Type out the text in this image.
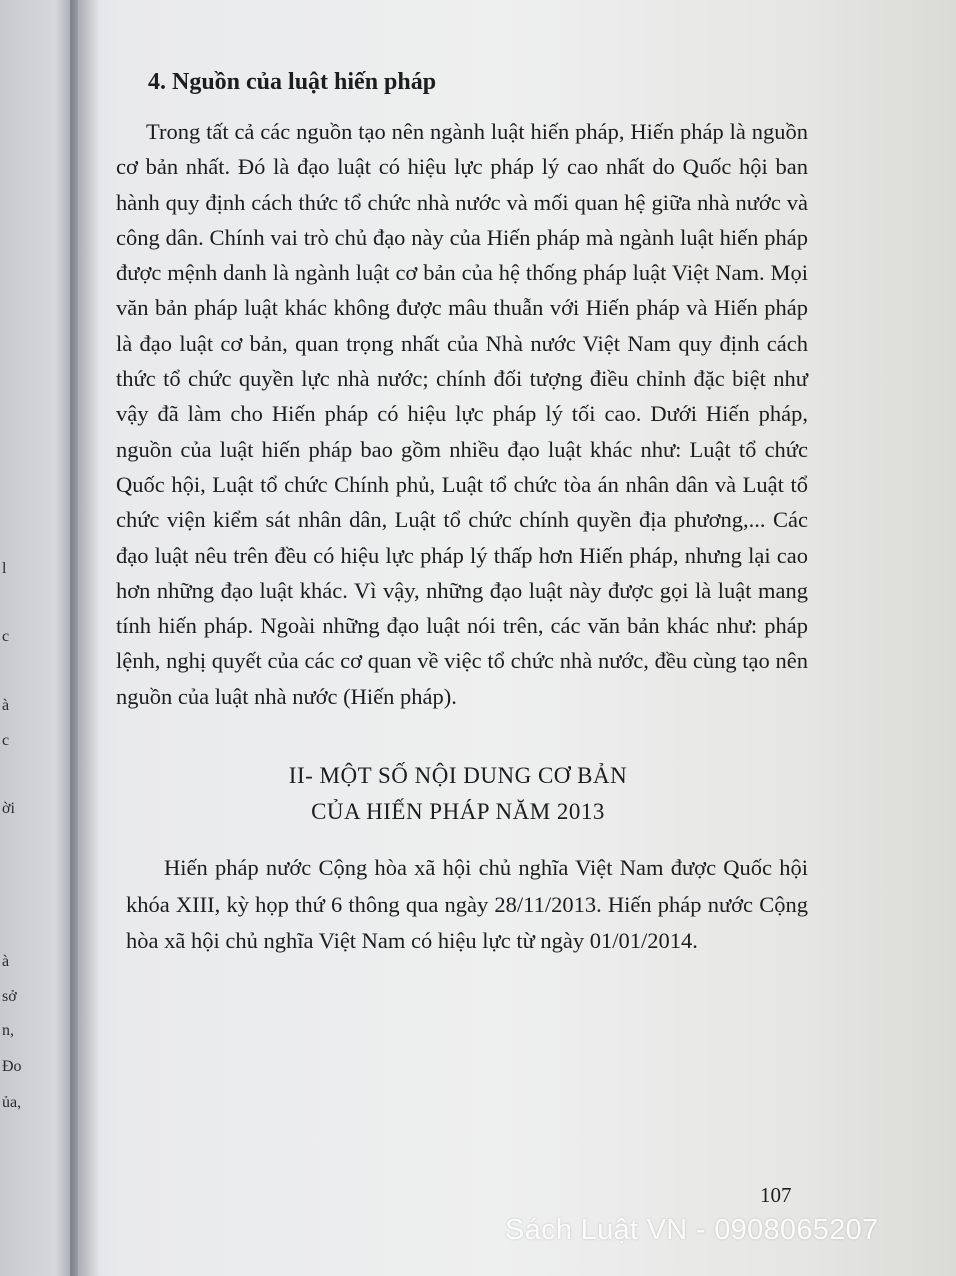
l
c
à
c
ời
à
sở
n,
Đo
ủa,
4. Nguồn của luật hiến pháp

Trong tất cả các nguồn tạo nên ngành luật hiến pháp, Hiến pháp là nguồn cơ bản nhất. Đó là đạo luật có hiệu lực pháp lý cao nhất do Quốc hội ban hành quy định cách thức tổ chức nhà nước và mối quan hệ giữa nhà nước và công dân. Chính vai trò chủ đạo này của Hiến pháp mà ngành luật hiến pháp được mệnh danh là ngành luật cơ bản của hệ thống pháp luật Việt Nam. Mọi văn bản pháp luật khác không được mâu thuẫn với Hiến pháp và Hiến pháp là đạo luật cơ bản, quan trọng nhất của Nhà nước Việt Nam quy định cách thức tổ chức quyền lực nhà nước; chính đối tượng điều chỉnh đặc biệt như vậy đã làm cho Hiến pháp có hiệu lực pháp lý tối cao. Dưới Hiến pháp, nguồn của luật hiến pháp bao gồm nhiều đạo luật khác như: Luật tổ chức Quốc hội, Luật tổ chức Chính phủ, Luật tổ chức tòa án nhân dân và Luật tổ chức viện kiểm sát nhân dân, Luật tổ chức chính quyền địa phương,... Các đạo luật nêu trên đều có hiệu lực pháp lý thấp hơn Hiến pháp, nhưng lại cao hơn những đạo luật khác. Vì vậy, những đạo luật này được gọi là luật mang tính hiến pháp. Ngoài những đạo luật nói trên, các văn bản khác như: pháp lệnh, nghị quyết của các cơ quan về việc tổ chức nhà nước, đều cùng tạo nên nguồn của luật nhà nước (Hiến pháp).

II- MỘT SỐ NỘI DUNG CƠ BẢN
CỦA HIẾN PHÁP NĂM 2013

Hiến pháp nước Cộng hòa xã hội chủ nghĩa Việt Nam được Quốc hội khóa XIII, kỳ họp thứ 6 thông qua ngày 28/11/2013. Hiến pháp nước Cộng hòa xã hội chủ nghĩa Việt Nam có hiệu lực từ ngày 01/01/2014.

107
Sách Luật VN - 0908065207
